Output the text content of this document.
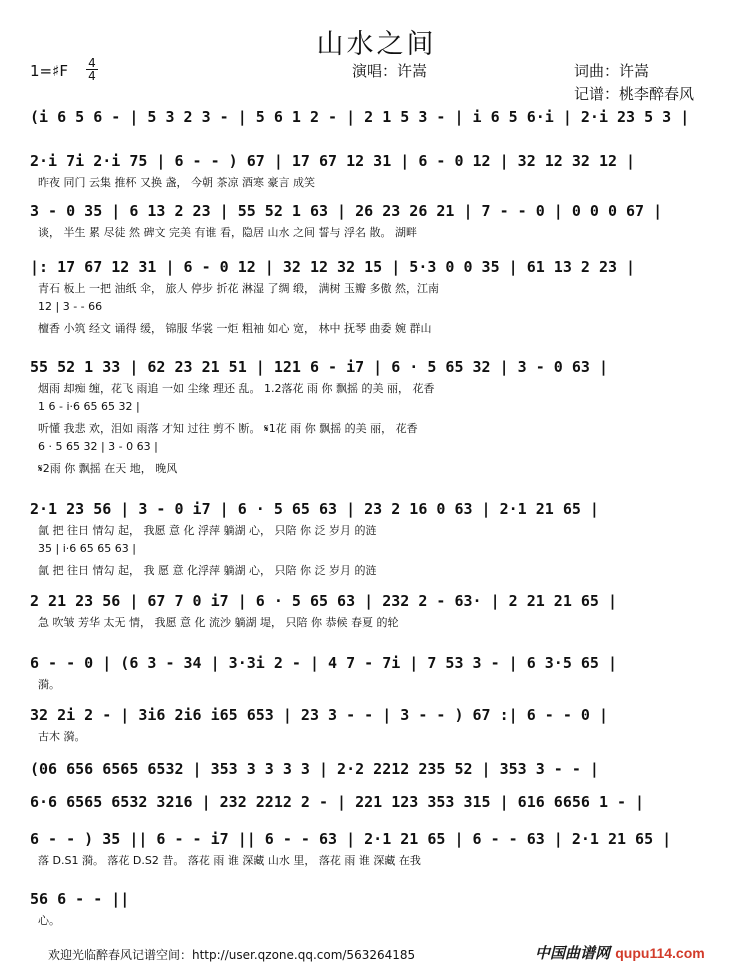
山水之间
1=♯F 4
4	演唱：许嵩	词曲：许嵩
记谱：桃李醉春风
(i 6 5 6 - | 5 3 2 3 - | 5 6 1 2 - | 2 1 5 3 - | i 6 5 6·i | 2·i 23 5 3 |
2·i 7i 2·i 75 | 6 - - ) 67 | 17 67 12 31 | 6 - 0 12 | 32 12 32 12 |
昨夜 同门 云集 推杯 又换 盏， 今朝 茶凉 酒寒 豪言 成笑
3 - 0 35 | 6 13 2 23 | 55 52 1 63 | 26 23 26 21 | 7 - - 0 | 0 0 0 67 |
谈， 半生 累 尽徒 然 碑文 完美 有谁 看，隐居 山水 之间 誓与 浮名 散。 湖畔
|: 17 67 12 31 | 6 - 0 12 | 32 12 32 15 | 5·3 0 0 35 | 61 13 2 23 |
青石 板上 一把 油纸 伞， 旅人 停步 折花 淋湿 了绸 缎， 满树 玉瓣 多傲 然，江南
12 | 3 - - 66
檀香 小筑 经文 诵得 缓， 锦服 华裳 一炬 粗袖 如心 宽， 林中 抚琴 曲委 婉 群山
55 52 1 33 | 62 23 21 51 | 121 6 - i7 | 6 · 5 65 32 | 3 - 0 63 |
烟雨 却痴 缠，花飞 雨追 一如 尘缘 理还 乱。 1.2落花 雨 你 飘摇 的美 丽， 花香
1 6 - i·6 65 65 32 |
听懂 我悲 欢，泪如 雨落 才知 过往 剪不 断。 𝄋1花 雨 你 飘摇 的美 丽， 花香
6 · 5 65 32 | 3 - 0 63 |
𝄋2雨 你 飘摇 在天 地， 晚风
2·1 23 56 | 3 - 0 i7 | 6 · 5 65 63 | 23 2 16 0 63 | 2·1 21 65 |
氤 把 往日 情勾 起， 我愿 意 化 浮萍 躺湖 心， 只陪 你 泛 岁月 的涟
35 | i·6 65 65 63 |
氤 把 往日 情勾 起， 我 愿 意 化浮萍 躺湖 心， 只陪 你 泛 岁月 的涟
2 21 23 56 | 67 7 0 i7 | 6 · 5 65 63 | 232 2 - 63· | 2 21 21 65 |
急 吹皱 芳华 太无 情， 我愿 意 化 流沙 躺湖 堤， 只陪 你 恭候 春夏 的轮
6 - - 0 | (6 3 - 34 | 3·3i 2 - | 4 7 - 7i | 7 53 3 - | 6 3·5 65 |
漪。
32 2i 2 - | 3i6 2i6 i65 653 | 23 3 - - | 3 - - ) 67 :| 6 - - 0 |
古木 漪。
(06 656 6565 6532 | 353 3 3 3 3 | 2·2 2212 235 52 | 353 3 - - |
6·6 6565 6532 3216 | 232 2212 2 - | 221 123 353 315 | 616 6656 1 - |
6 - - ) 35 || 6 - - i7 || 6 - - 63 | 2·1 21 65 | 6 - - 63 | 2·1 21 65 |
落 D.S1 漪。 落花 D.S2 昔。 落花 雨 谁 深藏 山水 里， 落花 雨 谁 深藏 在我
56 6 - - ||
心。
欢迎光临醉春风记谱空间：http://user.qzone.qq.com/563264185	中国曲谱网 qupu114.com
